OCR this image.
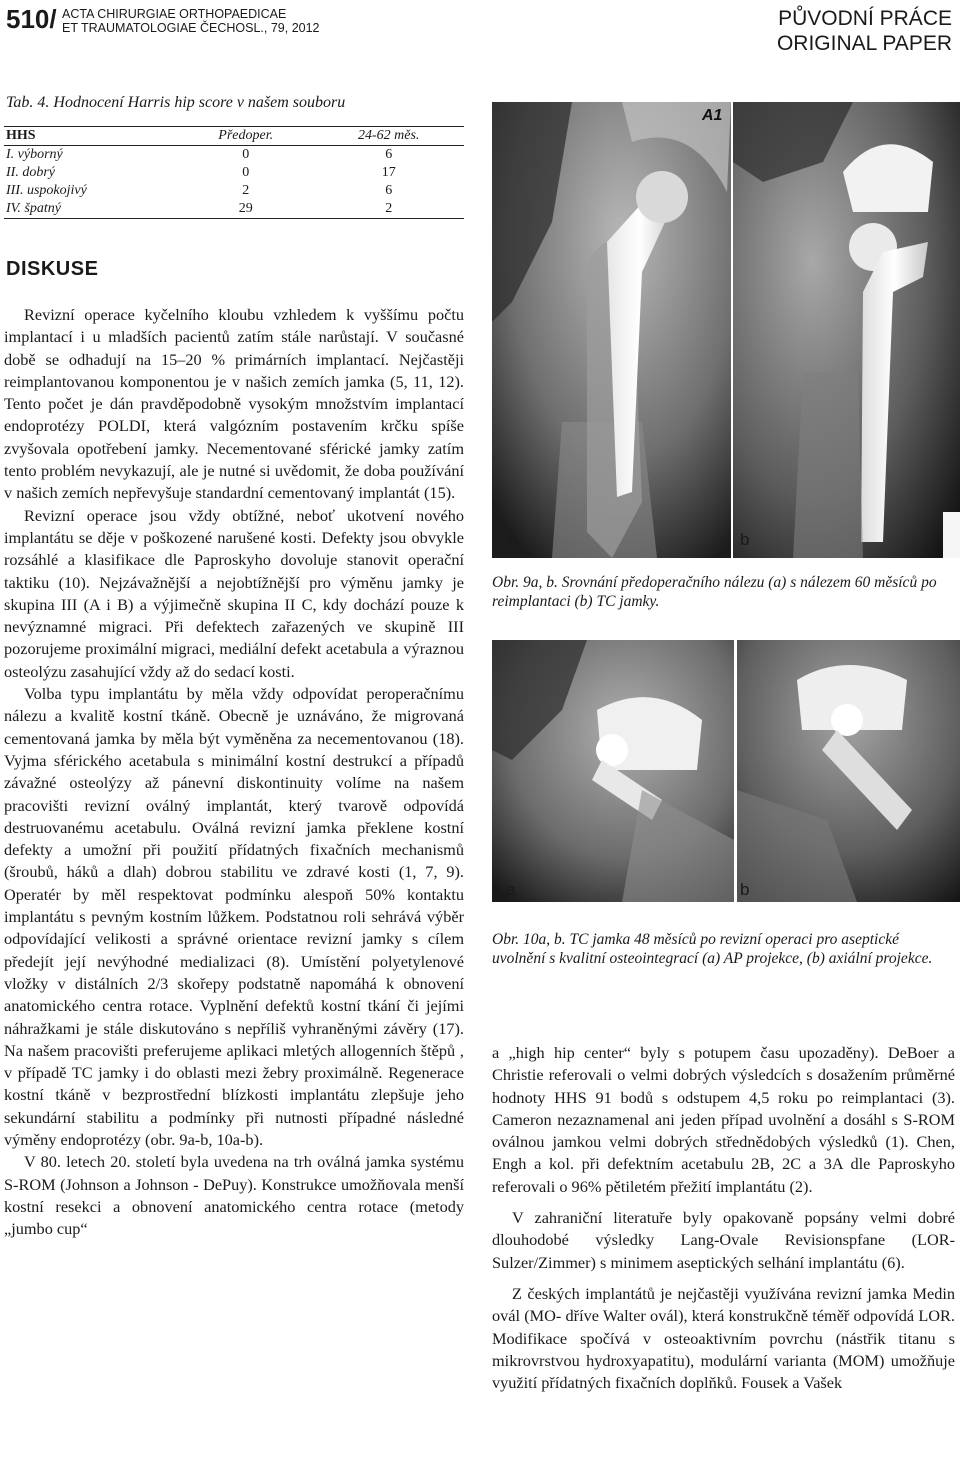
510/ ACTA CHIRURGIAE ORTHOPAEDICAE
ET TRAUMATOLOGIAE ČECHOSL., 79, 2012	PŮVODNÍ PRÁCE
ORIGINAL PAPER
Tab. 4. Hodnocení Harris hip score v našem souboru
HHS	Předoper.	24-62 měs.
I. výborný	0	6
II. dobrý	0	17
III. uspokojivý	2	6
IV. špatný	29	2
DISKUSE

Revizní operace kyčelního kloubu vzhledem k vyššímu počtu implantací i u mladších pacientů zatím stále narůstají. V současné době se odhadují na 15–20 % primárních implantací. Nejčastěji reimplantovanou komponentou je v našich zemích jamka (5, 11, 12). Tento počet je dán pravděpodobně vysokým množstvím implantací endoprotézy POLDI, která valgózním postavením krčku spíše zvyšovala opotřebení jamky. Necementované sférické jamky zatím tento problém nevykazují, ale je nutné si uvědomit, že doba používání v našich zemích nepřevyšuje standardní cementovaný implantát (15).

Revizní operace jsou vždy obtížné, neboť ukotvení nového implantátu se děje v poškozené narušené kosti. Defekty jsou obvykle rozsáhlé a klasifikace dle Paproskyho dovoluje stanovit operační taktiku (10). Nejzávažnější a nejobtížnější pro výměnu jamky je skupina III (A i B) a výjimečně skupina II C, kdy dochází pouze k nevýznamné migraci. Při defektech zařazených ve skupině III pozorujeme proximální migraci, mediální defekt acetabula a výraznou osteolýzu zasahující vždy až do sedací kosti.

Volba typu implantátu by měla vždy odpovídat peroperačnímu nálezu a kvalitě kostní tkáně. Obecně je uznáváno, že migrovaná cementovaná jamka by měla být vyměněna za necementovanou (18). Vyjma sférického acetabula s minimální kostní destrukcí a případů závažné osteolýzy až pánevní diskontinuity volíme na našem pracovišti revizní oválný implantát, který tvarově odpovídá destruovanému acetabulu. Oválná revizní jamka překlene kostní defekty a umožní při použití přídatných fixačních mechanismů (šroubů, háků a dlah) dobrou stabilitu ve zdravé kosti (1, 7, 9). Operatér by měl respektovat podmínku alespoň 50% kontaktu implantátu s pevným kostním lůžkem. Podstatnou roli sehrává výběr odpovídající velikosti a správné orientace revizní jamky s cílem předejít její nevýhodné medializaci (8). Umístění polyetylenové vložky v distálních 2/3 skořepy podstatně napomáhá k obnovení anatomického centra rotace. Vyplnění defektů kostní tkání či jejími náhražkami je stále diskutováno s nepříliš vyhraněnými závěry (17). Na našem pracovišti preferujeme aplikaci mletých allogenních štěpů , v případě TC jamky i do oblasti mezi žebry proximálně. Regenerace kostní tkáně v bezprostřední blízkosti implantátu zlepšuje jeho sekundární stabilitu a podmínky při nutnosti případné následné výměny endoprotézy (obr. 9a-b, 10a-b).

V 80. letech 20. století byla uvedena na trh oválná jamka systému S-ROM (Johnson a Johnson - DePuy). Konstrukce umožňovala menší kostní resekci a obnovení anatomického centra rotace (metody „jumbo cup“

A1
a	b
Obr. 9a, b. Srovnání předoperačního nálezu (a) s nálezem 60 měsíců po reimplantaci (b) TC jamky.
a	b
Obr. 10a, b. TC jamka 48 měsíců po revizní operaci pro aseptické uvolnění s kvalitní osteointegrací (a) AP projekce, (b) axiální projekce.

a „high hip center“ byly s potupem času upozaděny). DeBoer a Christie referovali o velmi dobrých výsledcích s dosažením průměrné hodnoty HHS 91 bodů s odstupem 4,5 roku po reimplantaci (3). Cameron nezaznamenal ani jeden případ uvolnění a dosáhl s S-ROM oválnou jamkou velmi dobrých střednědobých výsledků (1). Chen, Engh a kol. při defektním acetabulu 2B, 2C a 3A dle Paproskyho referovali o 96% pětiletém přežití implantátu (2).

V zahraniční literatuře byly opakovaně popsány velmi dobré dlouhodobé výsledky Lang-Ovale Revisionspfane (LOR- Sulzer/Zimmer) s minimem aseptických selhání implantátu (6).

Z českých implantátů je nejčastěji využívána revizní jamka Medin ovál (MO- dříve Walter ovál), která konstrukčně téměř odpovídá LOR. Modifikace spočívá v osteoaktivním povrchu (nástřik titanu s mikrovrstvou hydroxyapatitu), modulární varianta (MOM) umožňuje využití přídatných fixačních doplňků. Fousek a Vašek
